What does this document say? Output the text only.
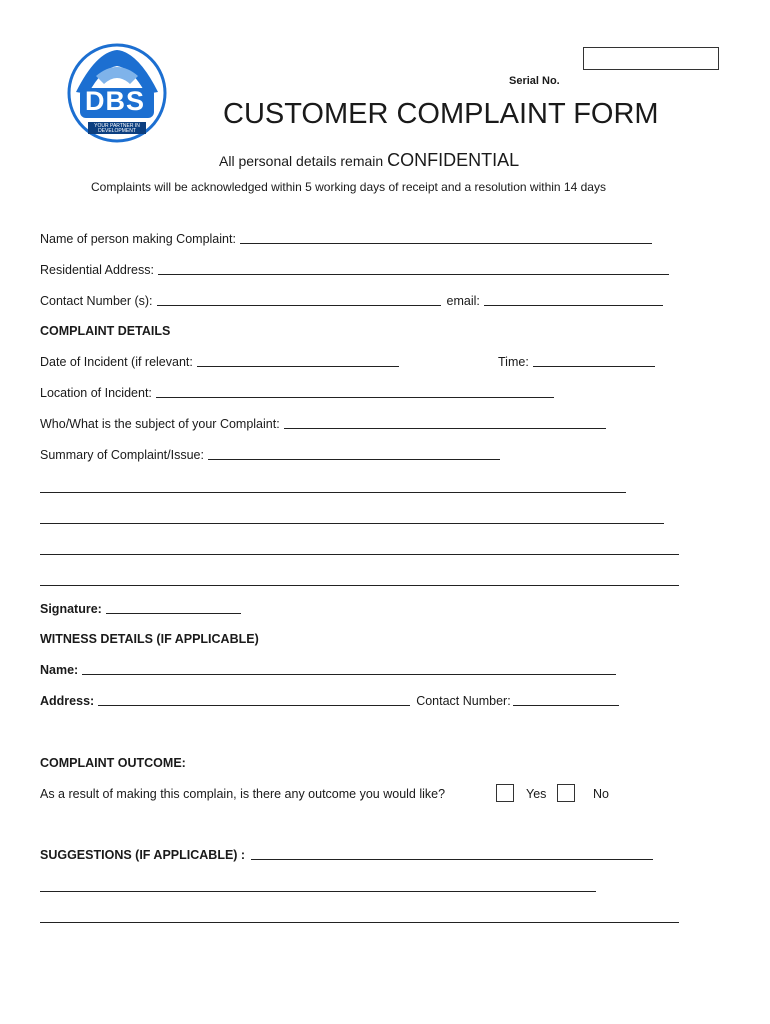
DBS
YOUR PARTNER IN DEVELOPMENT
Serial No.
CUSTOMER COMPLAINT FORM
All personal details remain CONFIDENTIAL
Complaints will be acknowledged within 5 working days of receipt and a resolution within 14 days
Name of person making Complaint:
Residential Address:
Contact Number (s):	email:
COMPLAINT DETAILS
Date of Incident (if relevant:	Time:
Location of Incident:
Who/What is the subject of your Complaint:
Summary of Complaint/Issue:
Signature:
WITNESS DETAILS (IF APPLICABLE)
Name:
Address:	Contact Number:
COMPLAINT OUTCOME:
As a result of making this complain, is there any outcome you would like?	Yes	No
SUGGESTIONS (IF APPLICABLE) :
